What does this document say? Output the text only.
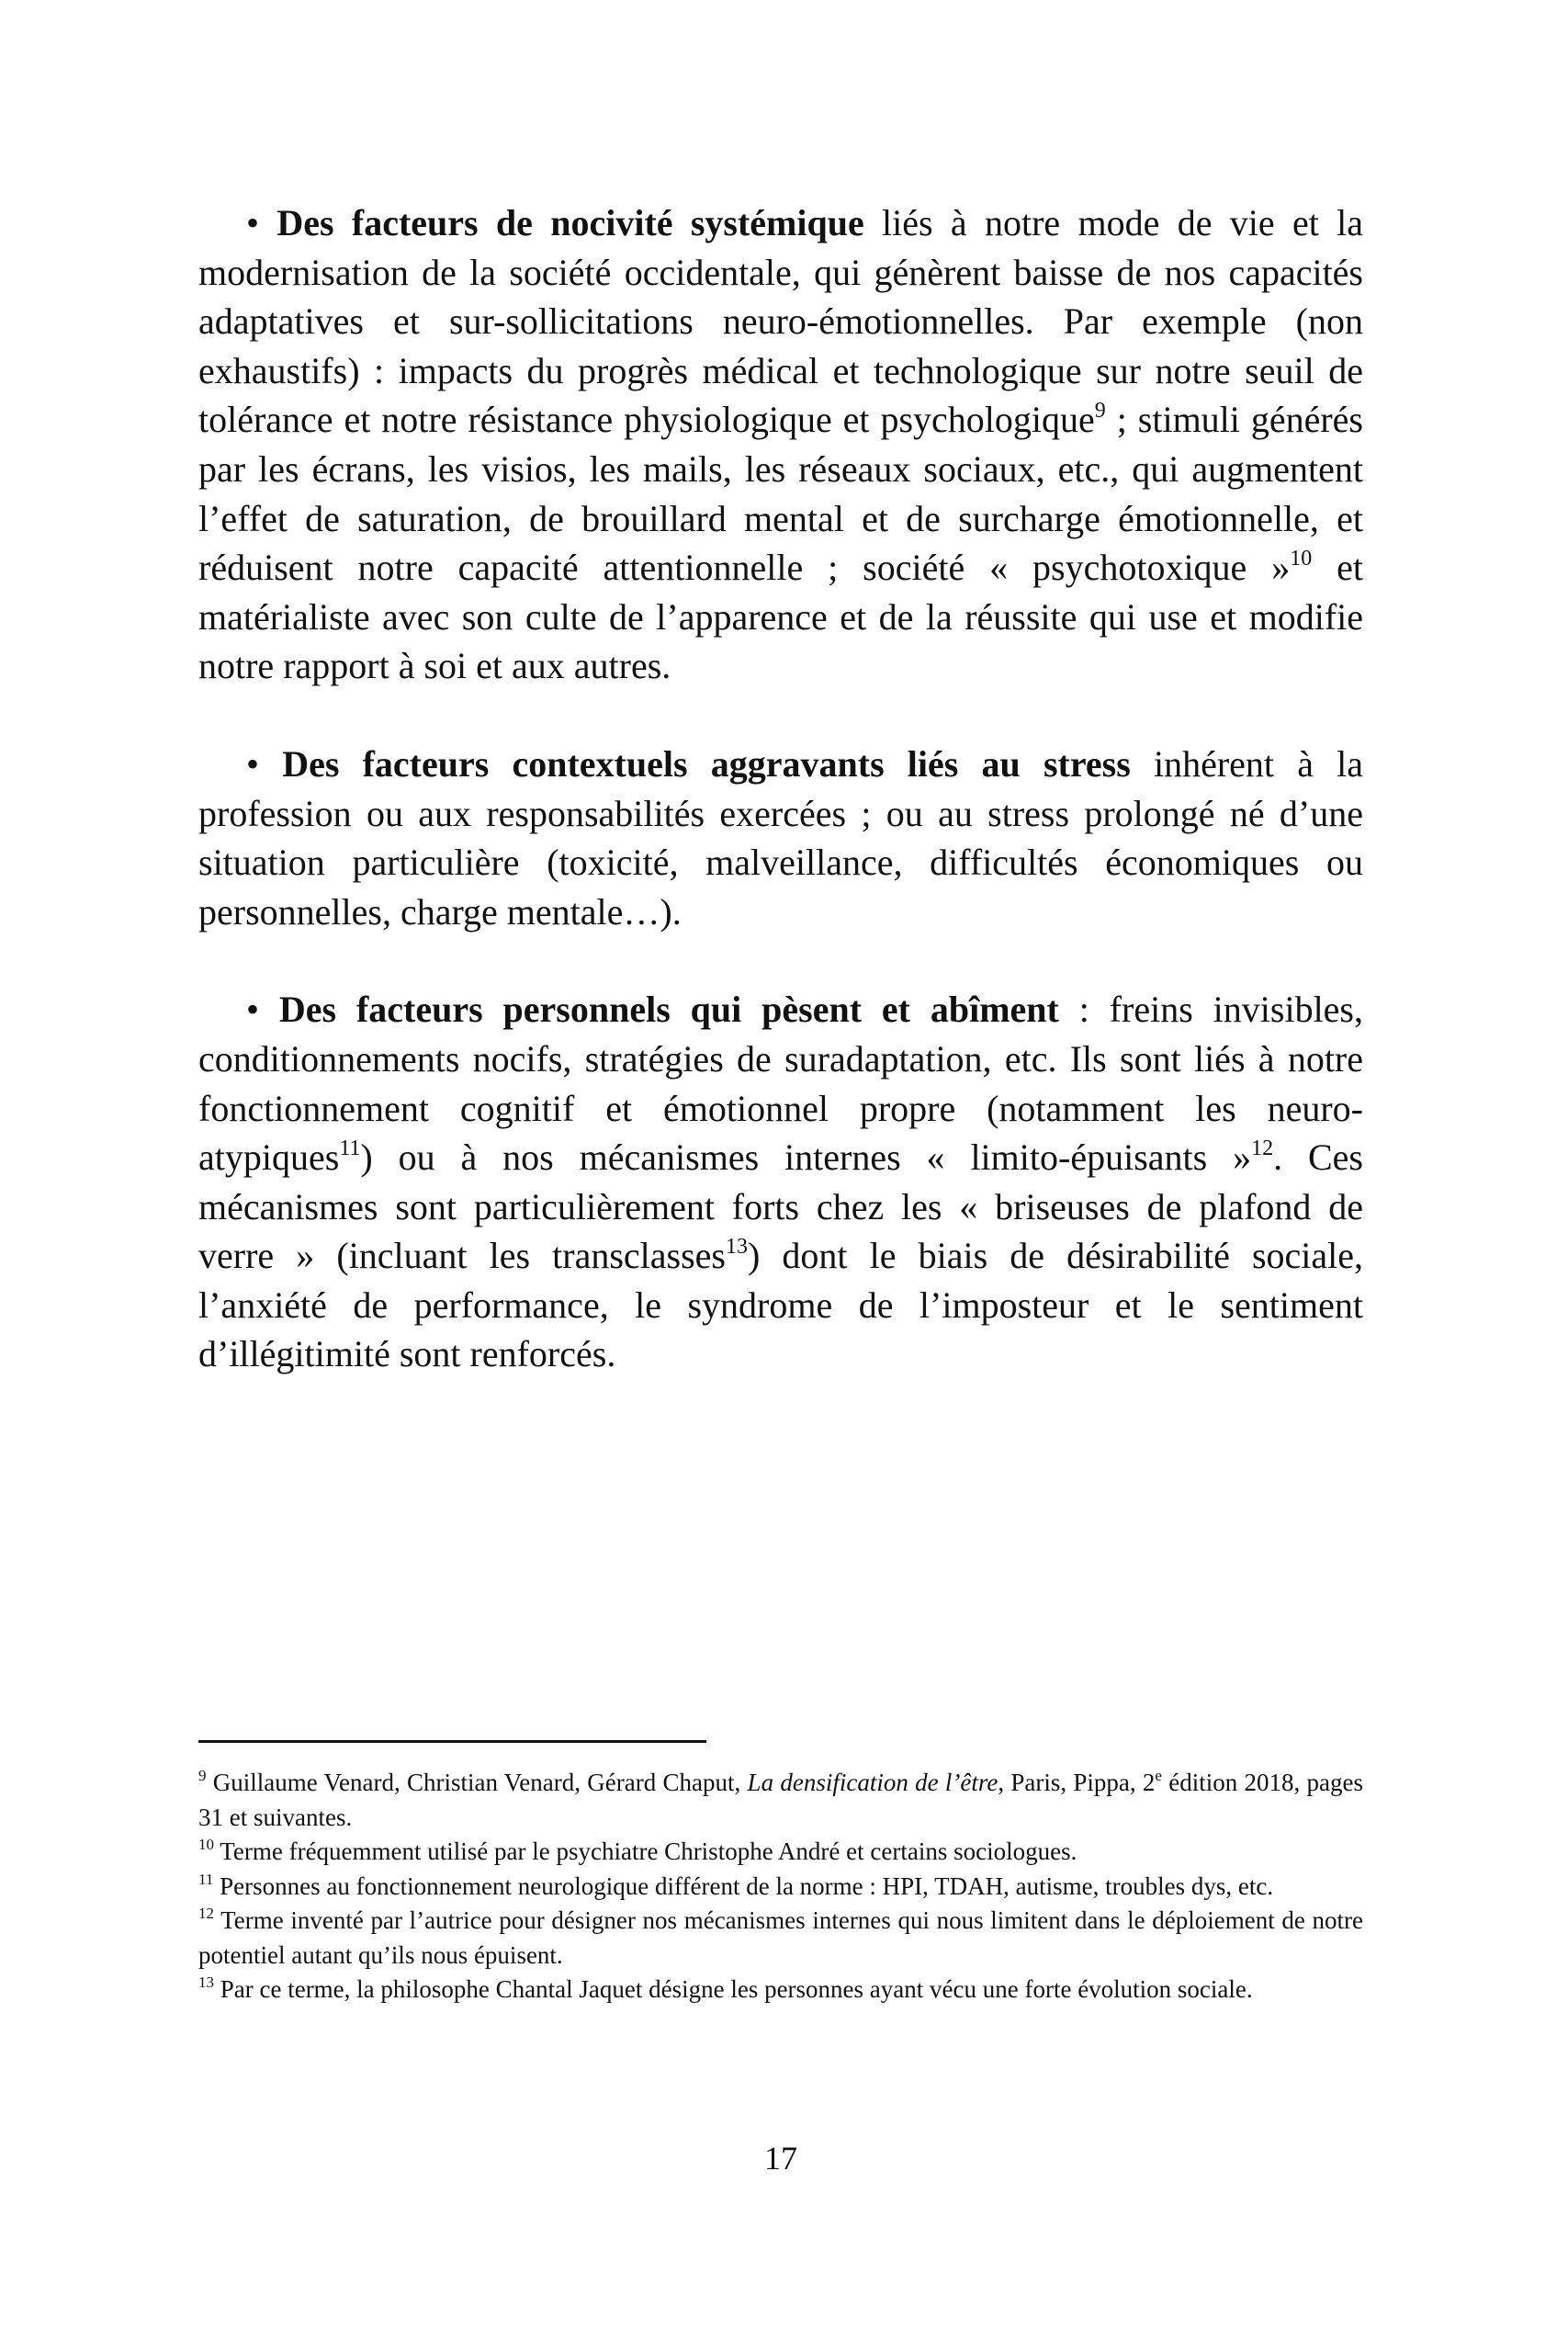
• Des facteurs de nocivité systémique liés à notre mode de vie et la modernisation de la société occidentale, qui génèrent baisse de nos capacités adaptatives et sur-sollicitations neuro-émotionnelles. Par exemple (non exhaustifs) : impacts du progrès médical et technologique sur notre seuil de tolérance et notre résistance physiologique et psychologique$^9$ ; stimuli générés par les écrans, les visios, les mails, les réseaux sociaux, etc., qui augmentent l’effet de saturation, de brouillard mental et de surcharge émotionnelle, et réduisent notre capacité attentionnelle ; société « psychotoxique »$^{10}$ et matérialiste avec son culte de l’apparence et de la réussite qui use et modifie notre rapport à soi et aux autres.

• Des facteurs contextuels aggravants liés au stress inhérent à la profession ou aux responsabilités exercées ; ou au stress prolongé né d’une situation particulière (toxicité, malveillance, difficultés économiques ou personnelles, charge mentale…).

• Des facteurs personnels qui pèsent et abîment : freins invisibles, conditionnements nocifs, stratégies de suradaptation, etc. Ils sont liés à notre fonctionnement cognitif et émotionnel propre (notamment les neuro-atypiques$^{11}$) ou à nos mécanismes internes « limito-épuisants »$^{12}$. Ces mécanismes sont particulièrement forts chez les « briseuses de plafond de verre » (incluant les transclasses$^{13}$) dont le biais de désirabilité sociale, l’anxiété de performance, le syndrome de l’imposteur et le sentiment d’illégitimité sont renforcés.

$^9$ Guillaume Venard, Christian Venard, Gérard Chaput, La densification de l’être, Paris, Pippa, 2e édition 2018, pages 31 et suivantes.

$^{10}$ Terme fréquemment utilisé par le psychiatre Christophe André et certains sociologues.

$^{11}$ Personnes au fonctionnement neurologique différent de la norme : HPI, TDAH, autisme, troubles dys, etc.

$^{12}$ Terme inventé par l’autrice pour désigner nos mécanismes internes qui nous limitent dans le déploiement de notre potentiel autant qu’ils nous épuisent.

$^{13}$ Par ce terme, la philosophe Chantal Jaquet désigne les personnes ayant vécu une forte évolution sociale.

17
